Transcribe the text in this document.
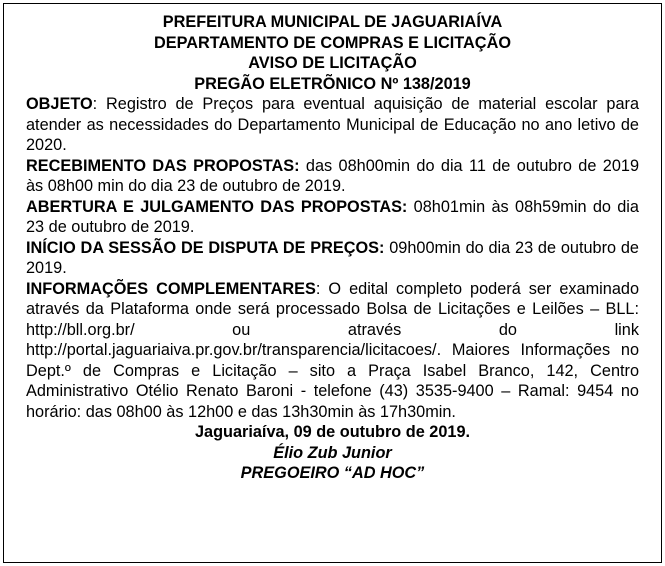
PREFEITURA MUNICIPAL DE JAGUARIAÍVA

DEPARTAMENTO DE COMPRAS E LICITAÇÃO

AVISO DE LICITAÇÃO

PREGÃO ELETRÕNICO Nº 138/2019

OBJETO: Registro de Preços para eventual aquisição de material escolar para atender as necessidades do Departamento Municipal de Educação no ano letivo de 2020.

RECEBIMENTO DAS PROPOSTAS: das 08h00min do dia 11 de outubro de 2019 às 08h00 min do dia 23 de outubro de 2019.

ABERTURA E JULGAMENTO DAS PROPOSTAS: 08h01min às 08h59min do dia 23 de outubro de 2019.

INÍCIO DA SESSÃO DE DISPUTA DE PREÇOS: 09h00min do dia 23 de outubro de 2019.

INFORMAÇÕES COMPLEMENTARES: O edital completo poderá ser examinado através da Plataforma onde será processado Bolsa de Licitações e Leilões – BLL: http://bll.org.br/ ou através do link http://portal.jaguariaiva.pr.gov.br/transparencia/licitacoes/. Maiores Informações no Dept.º de Compras e Licitação – sito a Praça Isabel Branco, 142, Centro Administrativo Otélio Renato Baroni - telefone (43) 3535-9400 – Ramal: 9454 no horário: das 08h00 às 12h00 e das 13h30min às 17h30min.

Jaguariaíva, 09 de outubro de 2019.

Élio Zub Junior

PREGOEIRO “AD HOC”
